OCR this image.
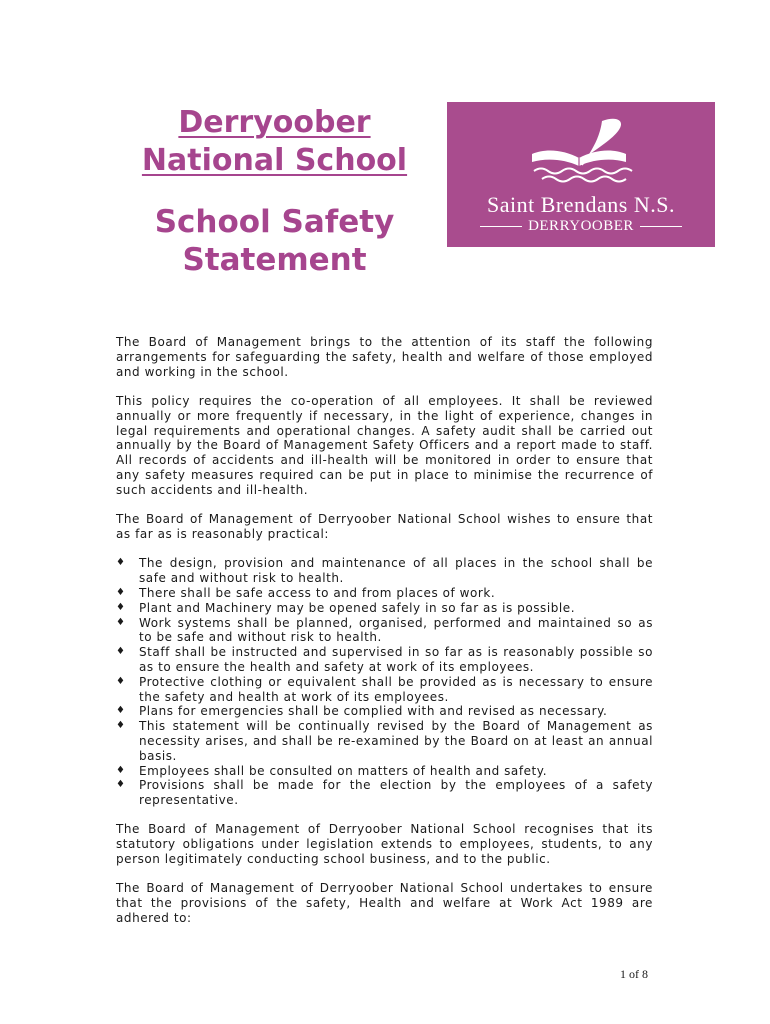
Derryoober
National School
School Safety
Statement
Saint Brendans N.S.
DERRYOOBER

The Board of Management brings to the attention of its staff the following arrangements for safeguarding the safety, health and welfare of those employed and working in the school.

This policy requires the co-operation of all employees. It shall be reviewed annually or more frequently if necessary, in the light of experience, changes in legal requirements and operational changes. A safety audit shall be carried out annually by the Board of Management Safety Officers and a report made to staff. All records of accidents and ill-health will be monitored in order to ensure that any safety measures required can be put in place to minimise the recurrence of such accidents and ill-health.

The Board of Management of Derryoober National School wishes to ensure that as far as is reasonably practical:

♦ The design, provision and maintenance of all places in the school shall be safe and without risk to health.
♦ There shall be safe access to and from places of work.
♦ Plant and Machinery may be opened safely in so far as is possible.
♦ Work systems shall be planned, organised, performed and maintained so as to be safe and without risk to health.
♦ Staff shall be instructed and supervised in so far as is reasonably possible so as to ensure the health and safety at work of its employees.
♦ Protective clothing or equivalent shall be provided as is necessary to ensure the safety and health at work of its employees.
♦ Plans for emergencies shall be complied with and revised as necessary.
♦ This statement will be continually revised by the Board of Management as necessity arises, and shall be re-examined by the Board on at least an annual basis.
♦ Employees shall be consulted on matters of health and safety.
♦ Provisions shall be made for the election by the employees of a safety representative.

The Board of Management of Derryoober National School recognises that its statutory obligations under legislation extends to employees, students, to any person legitimately conducting school business, and to the public.

The Board of Management of Derryoober National School undertakes to ensure that the provisions of the safety, Health and welfare at Work Act 1989 are adhered to:

1 of 8
